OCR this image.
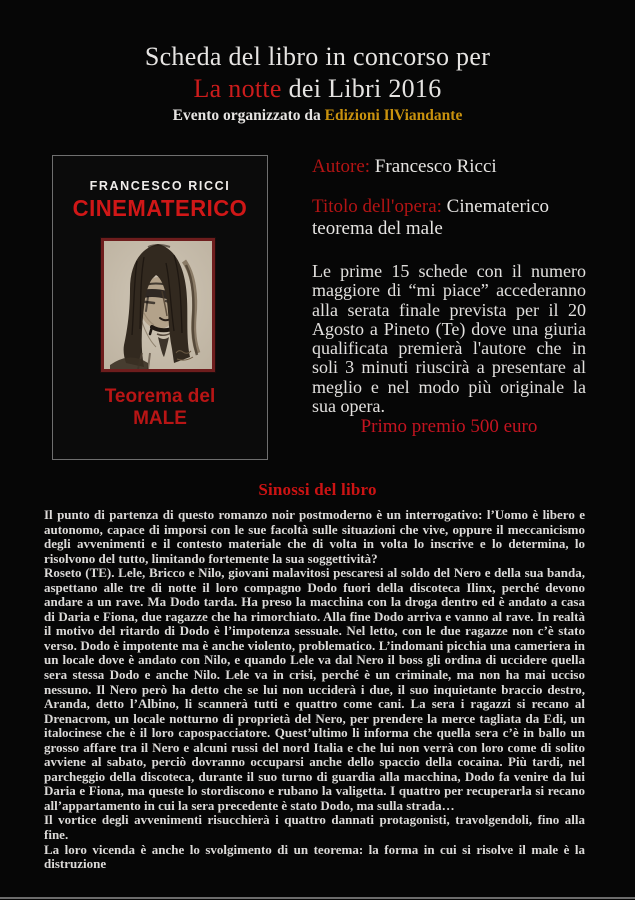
Scheda del libro in concorso per
La notte dei Libri 2016
Evento organizzato da Edizioni IlViandante
FRANCESCO RICCI
CINEMATERICO
Teorema del
MALE
Autore: Francesco Ricci
Titolo dell'opera: Cinematerico teorema del male
Le prime 15 schede con il numero maggiore di “mi piace” accederanno alla serata finale prevista per il 20 Agosto a Pineto (Te) dove una giuria qualificata premierà l'autore che in soli 3 minuti riuscirà a presentare al meglio e nel modo più originale la sua opera.
Primo premio 500 euro
Sinossi del libro

Il punto di partenza di questo romanzo noir postmoderno è un interrogativo: l’Uomo è libero e autonomo, capace di imporsi con le sue facoltà sulle situazioni che vive, oppure il meccanicismo degli avvenimenti e il contesto materiale che di volta in volta lo inscrive e lo determina, lo risolvono del tutto, limitando fortemente la sua soggettività?

Roseto (TE). Lele, Bricco e Nilo, giovani malavitosi pescaresi al soldo del Nero e della sua banda, aspettano alle tre di notte il loro compagno Dodo fuori della discoteca Ilinx, perché devono andare a un rave. Ma Dodo tarda. Ha preso la macchina con la droga dentro ed è andato a casa di Daria e Fiona, due ragazze che ha rimorchiato. Alla fine Dodo arriva e vanno al rave. In realtà il motivo del ritardo di Dodo è l’impotenza sessuale. Nel letto, con le due ragazze non c’è stato verso. Dodo è impotente ma è anche violento, problematico. L’indomani picchia una cameriera in un locale dove è andato con Nilo, e quando Lele va dal Nero il boss gli ordina di uccidere quella sera stessa Dodo e anche Nilo. Lele va in crisi, perché è un criminale, ma non ha mai ucciso nessuno. Il Nero però ha detto che se lui non ucciderà i due, il suo inquietante braccio destro, Aranda, detto l’Albino, li scannerà tutti e quattro come cani. La sera i ragazzi si recano al Drenacrom, un locale notturno di proprietà del Nero, per prendere la merce tagliata da Edi, un italocinese che è il loro capospacciatore. Quest’ultimo li informa che quella sera c’è in ballo un grosso affare tra il Nero e alcuni russi del nord Italia e che lui non verrà con loro come di solito avviene al sabato, perciò dovranno occuparsi anche dello spaccio della cocaina. Più tardi, nel parcheggio della discoteca, durante il suo turno di guardia alla macchina, Dodo fa venire da lui Daria e Fiona, ma queste lo stordiscono e rubano la valigetta. I quattro per recuperarla si recano all’appartamento in cui la sera precedente è stato Dodo, ma sulla strada…

Il vortice degli avvenimenti risucchierà i quattro dannati protagonisti, travolgendoli, fino alla fine.

La loro vicenda è anche lo svolgimento di un teorema: la forma in cui si risolve il male è la distruzione
